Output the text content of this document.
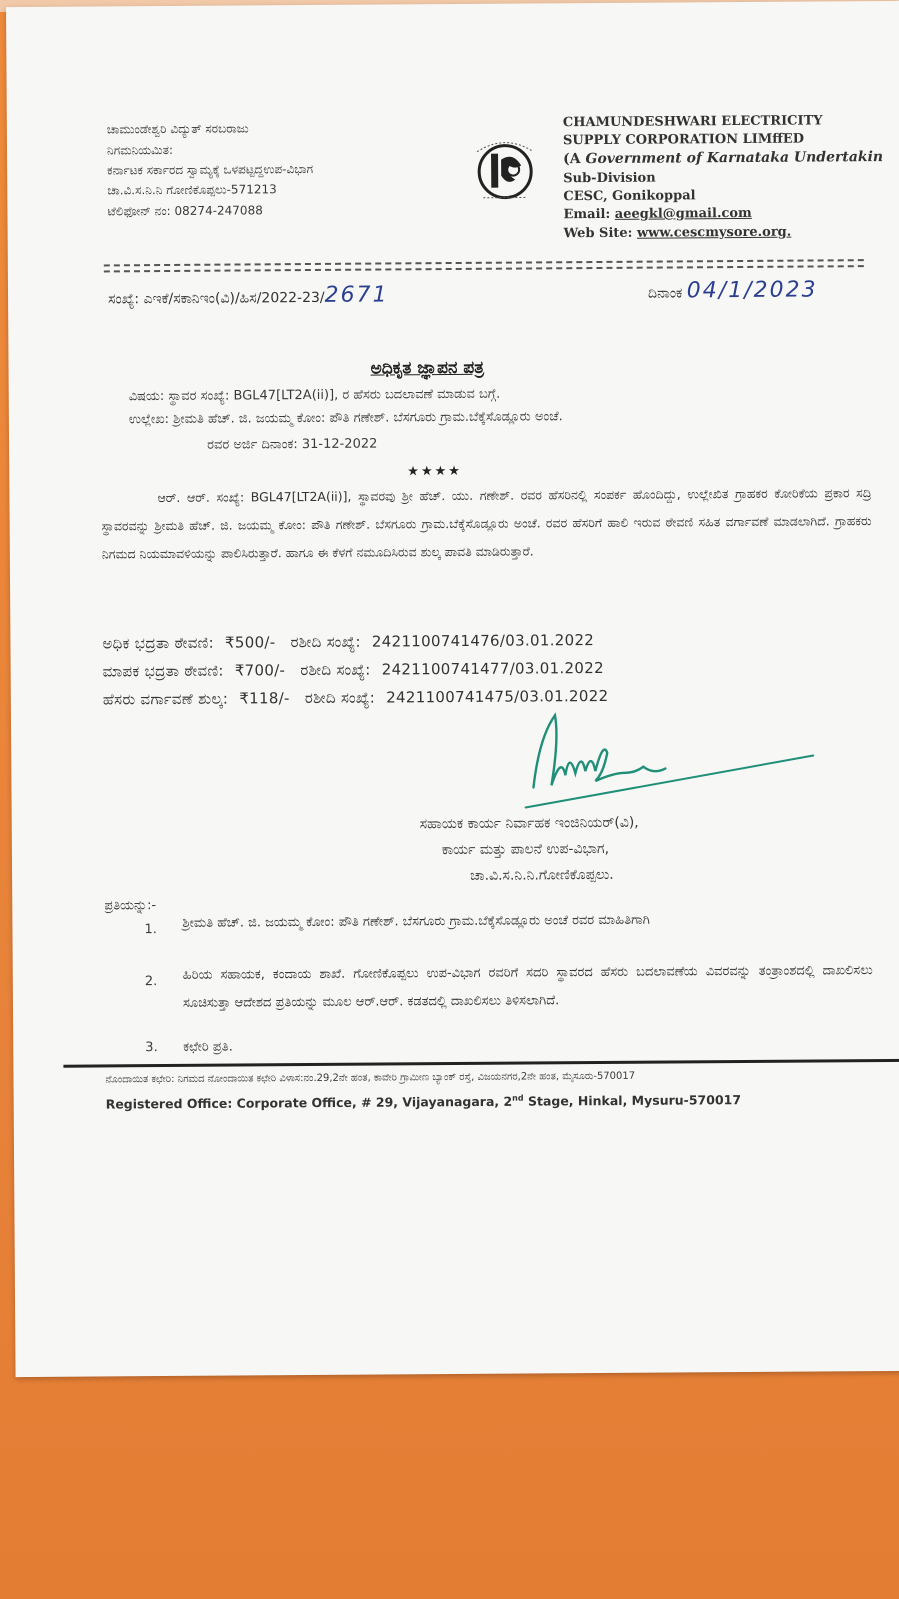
ಚಾಮುಂಡೇಶ್ವರಿ ವಿದ್ಯುತ್ ಸರಬರಾಜು
ನಿಗಮನಿಯಮಿತ:
ಕರ್ನಾಟಕ ಸರ್ಕಾರದ ಸ್ವಾಮ್ಯಕ್ಕೆ ಒಳಪಟ್ಟದ್ದಉಪ-ವಿಭಾಗ
ಚಾ.ವಿ.ಸ.ನಿ.ನಿ ಗೋಣಿಕೊಪ್ಪಲು-571213
ಟೆಲಿಫೋನ್ ನಂ: 08274-247088
CHAMUNDESHWARI ELECTRICITY
SUPPLY CORPORATION LIMffED
(A Government of Karnataka Undertakin
Sub-Division
CESC, Gonikoppal
Email: aeegkl@gmail.com
Web Site: www.cescmysore.org.
ಸಂಖ್ಯೆ: ಎಇಕೆ/ಸಕಾನಿಇಂ(ವಿ)/ಹಿಸ/2022-23/2671	ದಿನಾಂಕ 04/1/2023
ಅಧಿಕೃತ ಜ್ಞಾಪನ ಪತ್ರ
ವಿಷಯ: ಸ್ಥಾವರ ಸಂಖ್ಯೆ: BGL47[LT2A(ii)], ರ ಹೆಸರು ಬದಲಾವಣೆ ಮಾಡುವ ಬಗ್ಗೆ.
ಉಲ್ಲೇಖ: ಶ್ರೀಮತಿ ಹೆಚ್. ಜಿ. ಜಯಮ್ಮ ಕೋಂ: ಪೌತಿ ಗಣೇಶ್. ಬೆಸಗೂರು ಗ್ರಾಮ.ಬೆಕ್ಕೆಸೊಡ್ಲೂರು ಅಂಚೆ.
ರವರ ಅರ್ಜಿ ದಿನಾಂಕ: 31-12-2022
★★★★
ಆರ್. ಆರ್. ಸಂಖ್ಯೆ: BGL47[LT2A(ii)], ಸ್ಥಾವರವು ಶ್ರೀ ಹೆಚ್. ಯು. ಗಣೇಶ್. ರವರ ಹೆಸರಿನಲ್ಲಿ ಸಂಪರ್ಕ ಹೊಂದಿದ್ದು, ಉಲ್ಲೇಖಿತ ಗ್ರಾಹಕರ ಕೋರಿಕೆಯ ಪ್ರಕಾರ ಸದ್ರಿ ಸ್ಥಾವರವನ್ನು ಶ್ರೀಮತಿ ಹೆಚ್. ಜಿ. ಜಯಮ್ಮ ಕೋಂ: ಪೌತಿ ಗಣೇಶ್. ಬೆಸಗೂರು ಗ್ರಾಮ.ಬೆಕ್ಕೆಸೊಡ್ಲೂರು ಅಂಚೆ. ರವರ ಹೆಸರಿಗೆ ಹಾಲಿ ಇರುವ ಠೇವಣಿ ಸಹಿತ ವರ್ಗಾವಣೆ ಮಾಡಲಾಗಿದೆ. ಗ್ರಾಹಕರು ನಿಗಮದ ನಿಯಮಾವಳಿಯನ್ನು ಪಾಲಿಸಿರುತ್ತಾರೆ. ಹಾಗೂ ಈ ಕೆಳಗೆ ನಮೂದಿಸಿರುವ ಶುಲ್ಕ ಪಾವತಿ ಮಾಡಿರುತ್ತಾರೆ.
ಅಧಿಕ ಭದ್ರತಾ ಠೇವಣಿ: ₹500/- ರಶೀದಿ ಸಂಖ್ಯೆ: 2421100741476/03.01.2022
ಮಾಪಕ ಭದ್ರತಾ ಠೇವಣಿ: ₹700/- ರಶೀದಿ ಸಂಖ್ಯೆ: 2421100741477/03.01.2022
ಹೆಸರು ವರ್ಗಾವಣೆ ಶುಲ್ಕ: ₹118/- ರಶೀದಿ ಸಂಖ್ಯೆ: 2421100741475/03.01.2022
ಸಹಾಯಕ ಕಾರ್ಯ ನಿರ್ವಾಹಕ ಇಂಜಿನಿಯರ್(ವಿ),
ಕಾರ್ಯ ಮತ್ತು ಪಾಲನೆ ಉಪ-ವಿಭಾಗ,
ಚಾ.ವಿ.ಸ.ನಿ.ನಿ.ಗೋಣಿಕೊಪ್ಪಲು.
ಪ್ರತಿಯನ್ನು:-
1. ಶ್ರೀಮತಿ ಹೆಚ್. ಜಿ. ಜಯಮ್ಮ ಕೋಂ: ಪೌತಿ ಗಣೇಶ್. ಬೆಸಗೂರು ಗ್ರಾಮ.ಬೆಕ್ಕೆಸೊಡ್ಲೂರು ಅಂಚೆ ರವರ ಮಾಹಿತಿಗಾಗಿ
2. ಹಿರಿಯ ಸಹಾಯಕ, ಕಂದಾಯ ಶಾಖೆ. ಗೋಣಿಕೊಪ್ಪಲು ಉಪ-ವಿಭಾಗ ರವರಿಗೆ ಸದರಿ ಸ್ಥಾವರದ ಹೆಸರು ಬದಲಾವಣೆಯ ವಿವರವನ್ನು ತಂತ್ರಾಂಶದಲ್ಲಿ ದಾಖಲಿಸಲು ಸೂಚಿಸುತ್ತಾ ಆದೇಶದ ಪ್ರತಿಯನ್ನು ಮೂಲ ಆರ್.ಆರ್. ಕಡತದಲ್ಲಿ ದಾಖಲಿಸಲು ತಿಳಿಸಲಾಗಿದೆ.
3. ಕಛೇರಿ ಪ್ರತಿ.
ನೊಂದಾಯಿತ ಕಛೇರಿ: ನಿಗಮದ ನೋಂದಾಯಿತ ಕಛೇರಿ ವಿಳಾಸ:ನಂ.29,2ನೇ ಹಂತ, ಕಾವೇರಿ ಗ್ರಾಮೀಣ ಬ್ಯಾಂಕ್ ರಸ್ತೆ, ವಿಜಯನಗರ,2ನೇ ಹಂತ, ಮೈಸೂರು-570017
Registered Office: Corporate Office, # 29, Vijayanagara, 2nd Stage, Hinkal, Mysuru-570017
